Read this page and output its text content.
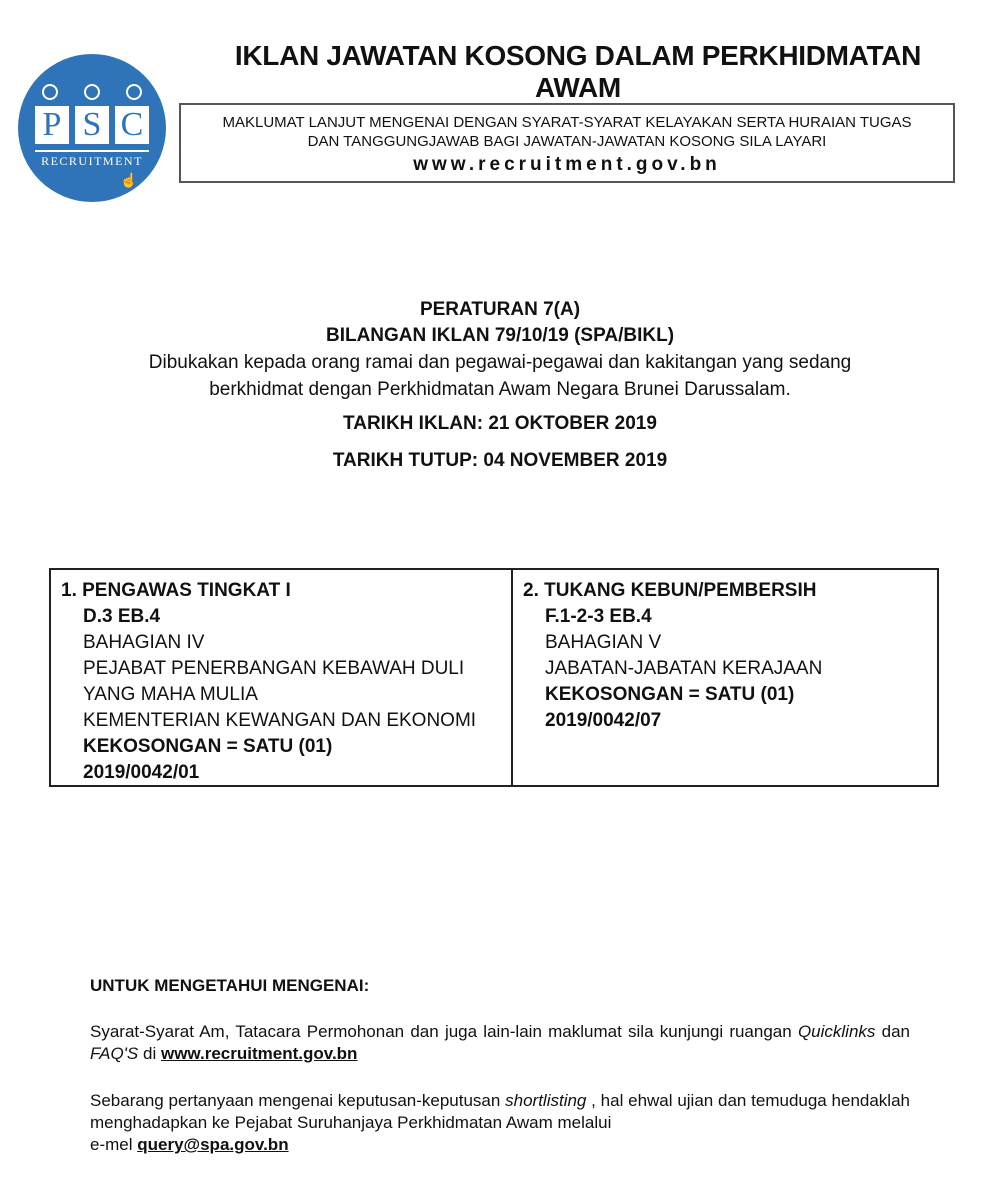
P S C
RECRUITMENT
☝
IKLAN JAWATAN KOSONG DALAM PERKHIDMATAN AWAM
MAKLUMAT LANJUT MENGENAI DENGAN SYARAT-SYARAT KELAYAKAN SERTA HURAIAN TUGAS
DAN TANGGUNGJAWAB BAGI JAWATAN-JAWATAN KOSONG SILA LAYARI
www.recruitment.gov.bn
PERATURAN 7(A)
BILANGAN IKLAN 79/10/19 (SPA/BIKL)
Dibukakan kepada orang ramai dan pegawai-pegawai dan kakitangan yang sedang
berkhidmat dengan Perkhidmatan Awam Negara Brunei Darussalam.
TARIKH IKLAN: 21 OKTOBER 2019
TARIKH TUTUP: 04 NOVEMBER 2019
1. PENGAWAS TINGKAT I
D.3 EB.4
BAHAGIAN IV
PEJABAT PENERBANGAN KEBAWAH DULI
YANG MAHA MULIA
KEMENTERIAN KEWANGAN DAN EKONOMI
KEKOSONGAN = SATU (01)
2019/0042/01
2. TUKANG KEBUN/PEMBERSIH
F.1-2-3 EB.4
BAHAGIAN V
JABATAN-JABATAN KERAJAAN
KEKOSONGAN = SATU (01)
2019/0042/07
UNTUK MENGETAHUI MENGENAI:
Syarat-Syarat Am, Tatacara Permohonan dan juga lain-lain maklumat sila kunjungi ruangan Quicklinks dan FAQ'S di www.recruitment.gov.bn
Sebarang pertanyaan mengenai keputusan-keputusan shortlisting , hal ehwal ujian dan temuduga hendaklah menghadapkan ke Pejabat Suruhanjaya Perkhidmatan Awam melalui
e-mel query@spa.gov.bn
